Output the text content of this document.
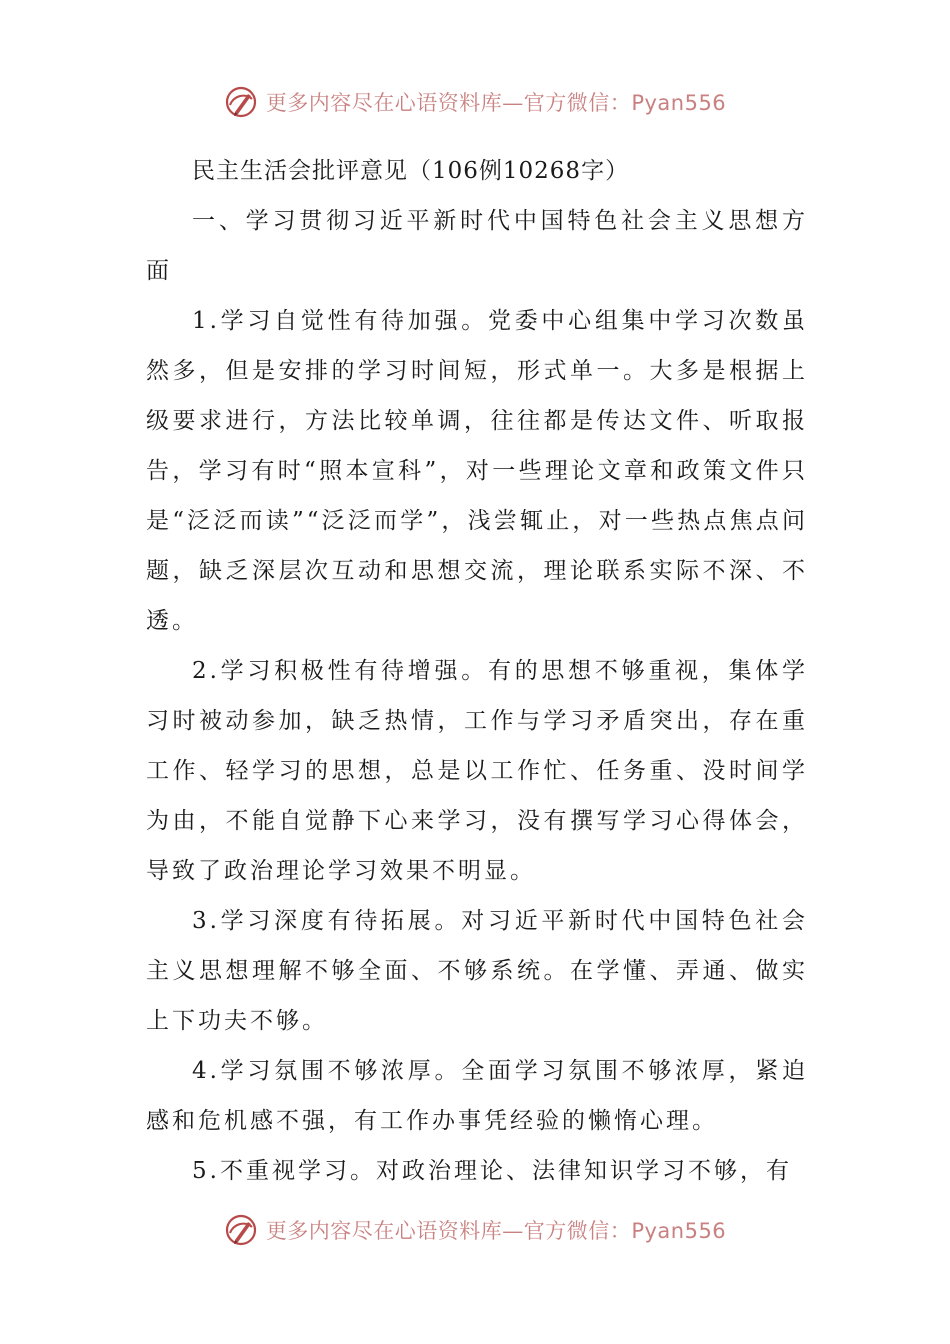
更多内容尽在心语资料库—官方微信：Pyan556

民主生活会批评意见（106例10268字）

一、学习贯彻习近平新时代中国特色社会主义思想方面

1.学习自觉性有待加强。党委中心组集中学习次数虽然多，但是安排的学习时间短，形式单一。大多是根据上级要求进行，方法比较单调，往往都是传达文件、听取报告，学习有时“照本宣科”，对一些理论文章和政策文件只是“泛泛而读”“泛泛而学”，浅尝辄止，对一些热点焦点问题，缺乏深层次互动和思想交流，理论联系实际不深、不透。

2.学习积极性有待增强。有的思想不够重视，集体学习时被动参加，缺乏热情，工作与学习矛盾突出，存在重工作、轻学习的思想，总是以工作忙、任务重、没时间学为由，不能自觉静下心来学习，没有撰写学习心得体会，导致了政治理论学习效果不明显。

3.学习深度有待拓展。对习近平新时代中国特色社会主义思想理解不够全面、不够系统。在学懂、弄通、做实上下功夫不够。

4.学习氛围不够浓厚。全面学习氛围不够浓厚，紧迫感和危机感不强，有工作办事凭经验的懒惰心理。

5.不重视学习。对政治理论、法律知识学习不够，有

更多内容尽在心语资料库—官方微信：Pyan556
